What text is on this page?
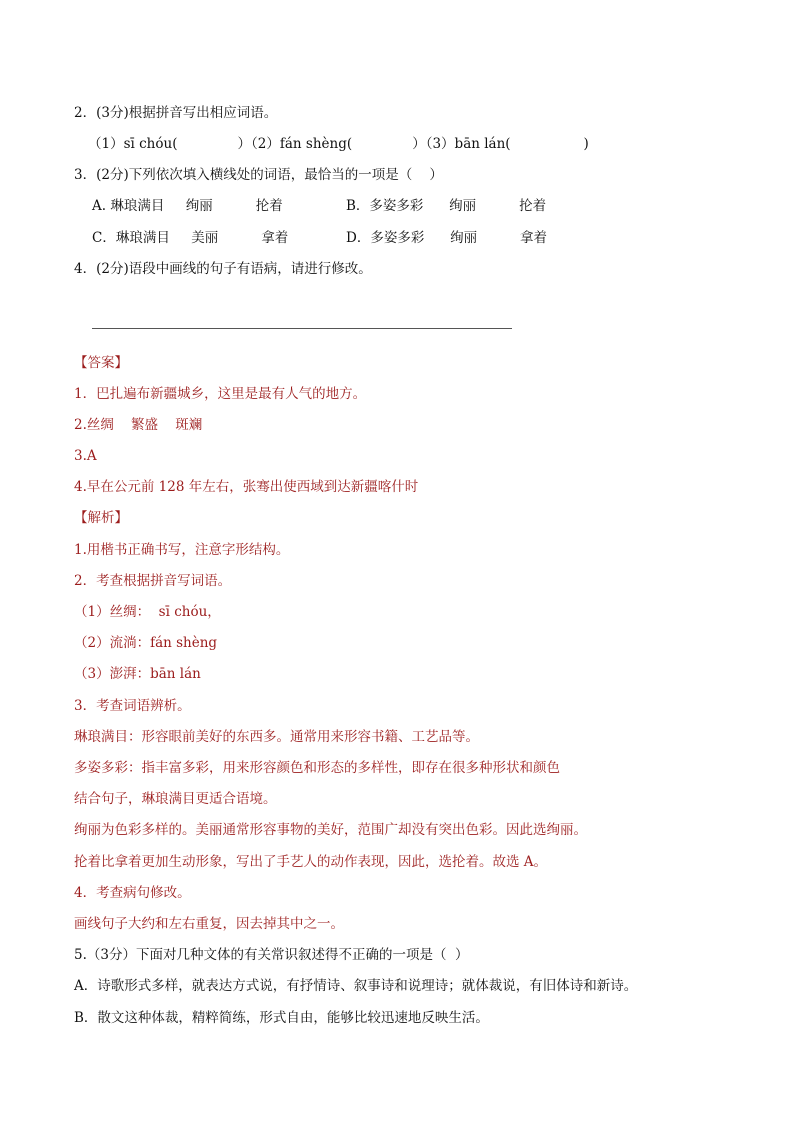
2．(3分)根据拼音写出相应词语。
（1）sī chóu(              ）（2）fán shèng(              ）（3）bān lán(                 )
3．(2分)下列依次填入横线处的词语，最恰当的一项是（    ）
A. 琳琅满目     绚丽          抡着	B．多姿多彩      绚丽          抡着
C．琳琅满目     美丽          拿着	D．多姿多彩      绚丽          拿着
4．(2分)语段中画线的句子有语病，请进行修改。
【答案】
1．巴扎遍布新疆城乡，这里是最有人气的地方。
2.丝绸    繁盛    斑斓
3.A
4.早在公元前 128 年左右，张骞出使西域到达新疆喀什时
【解析】
1.用楷书正确书写，注意字形结构。
2．考查根据拼音写词语。
（1）丝绸：  sī chóu，
（2）流淌：fán shèng
（3）澎湃：bān lán
3．考查词语辨析。
琳琅满目：形容眼前美好的东西多。通常用来形容书籍、工艺品等。
多姿多彩：指丰富多彩，用来形容颜色和形态的多样性，即存在很多种形状和颜色
结合句子，琳琅满目更适合语境。
绚丽为色彩多样的。美丽通常形容事物的美好，范围广却没有突出色彩。因此选绚丽。
抡着比拿着更加生动形象，写出了手艺人的动作表现，因此，选抡着。故选 A。
4．考查病句修改。
画线句子大约和左右重复，因去掉其中之一。
5.（3分）下面对几种文体的有关常识叙述得不正确的一项是（  ）
A．诗歌形式多样，就表达方式说，有抒情诗、叙事诗和说理诗；就体裁说，有旧体诗和新诗。
B．散文这种体裁，精粹简练，形式自由，能够比较迅速地反映生活。
